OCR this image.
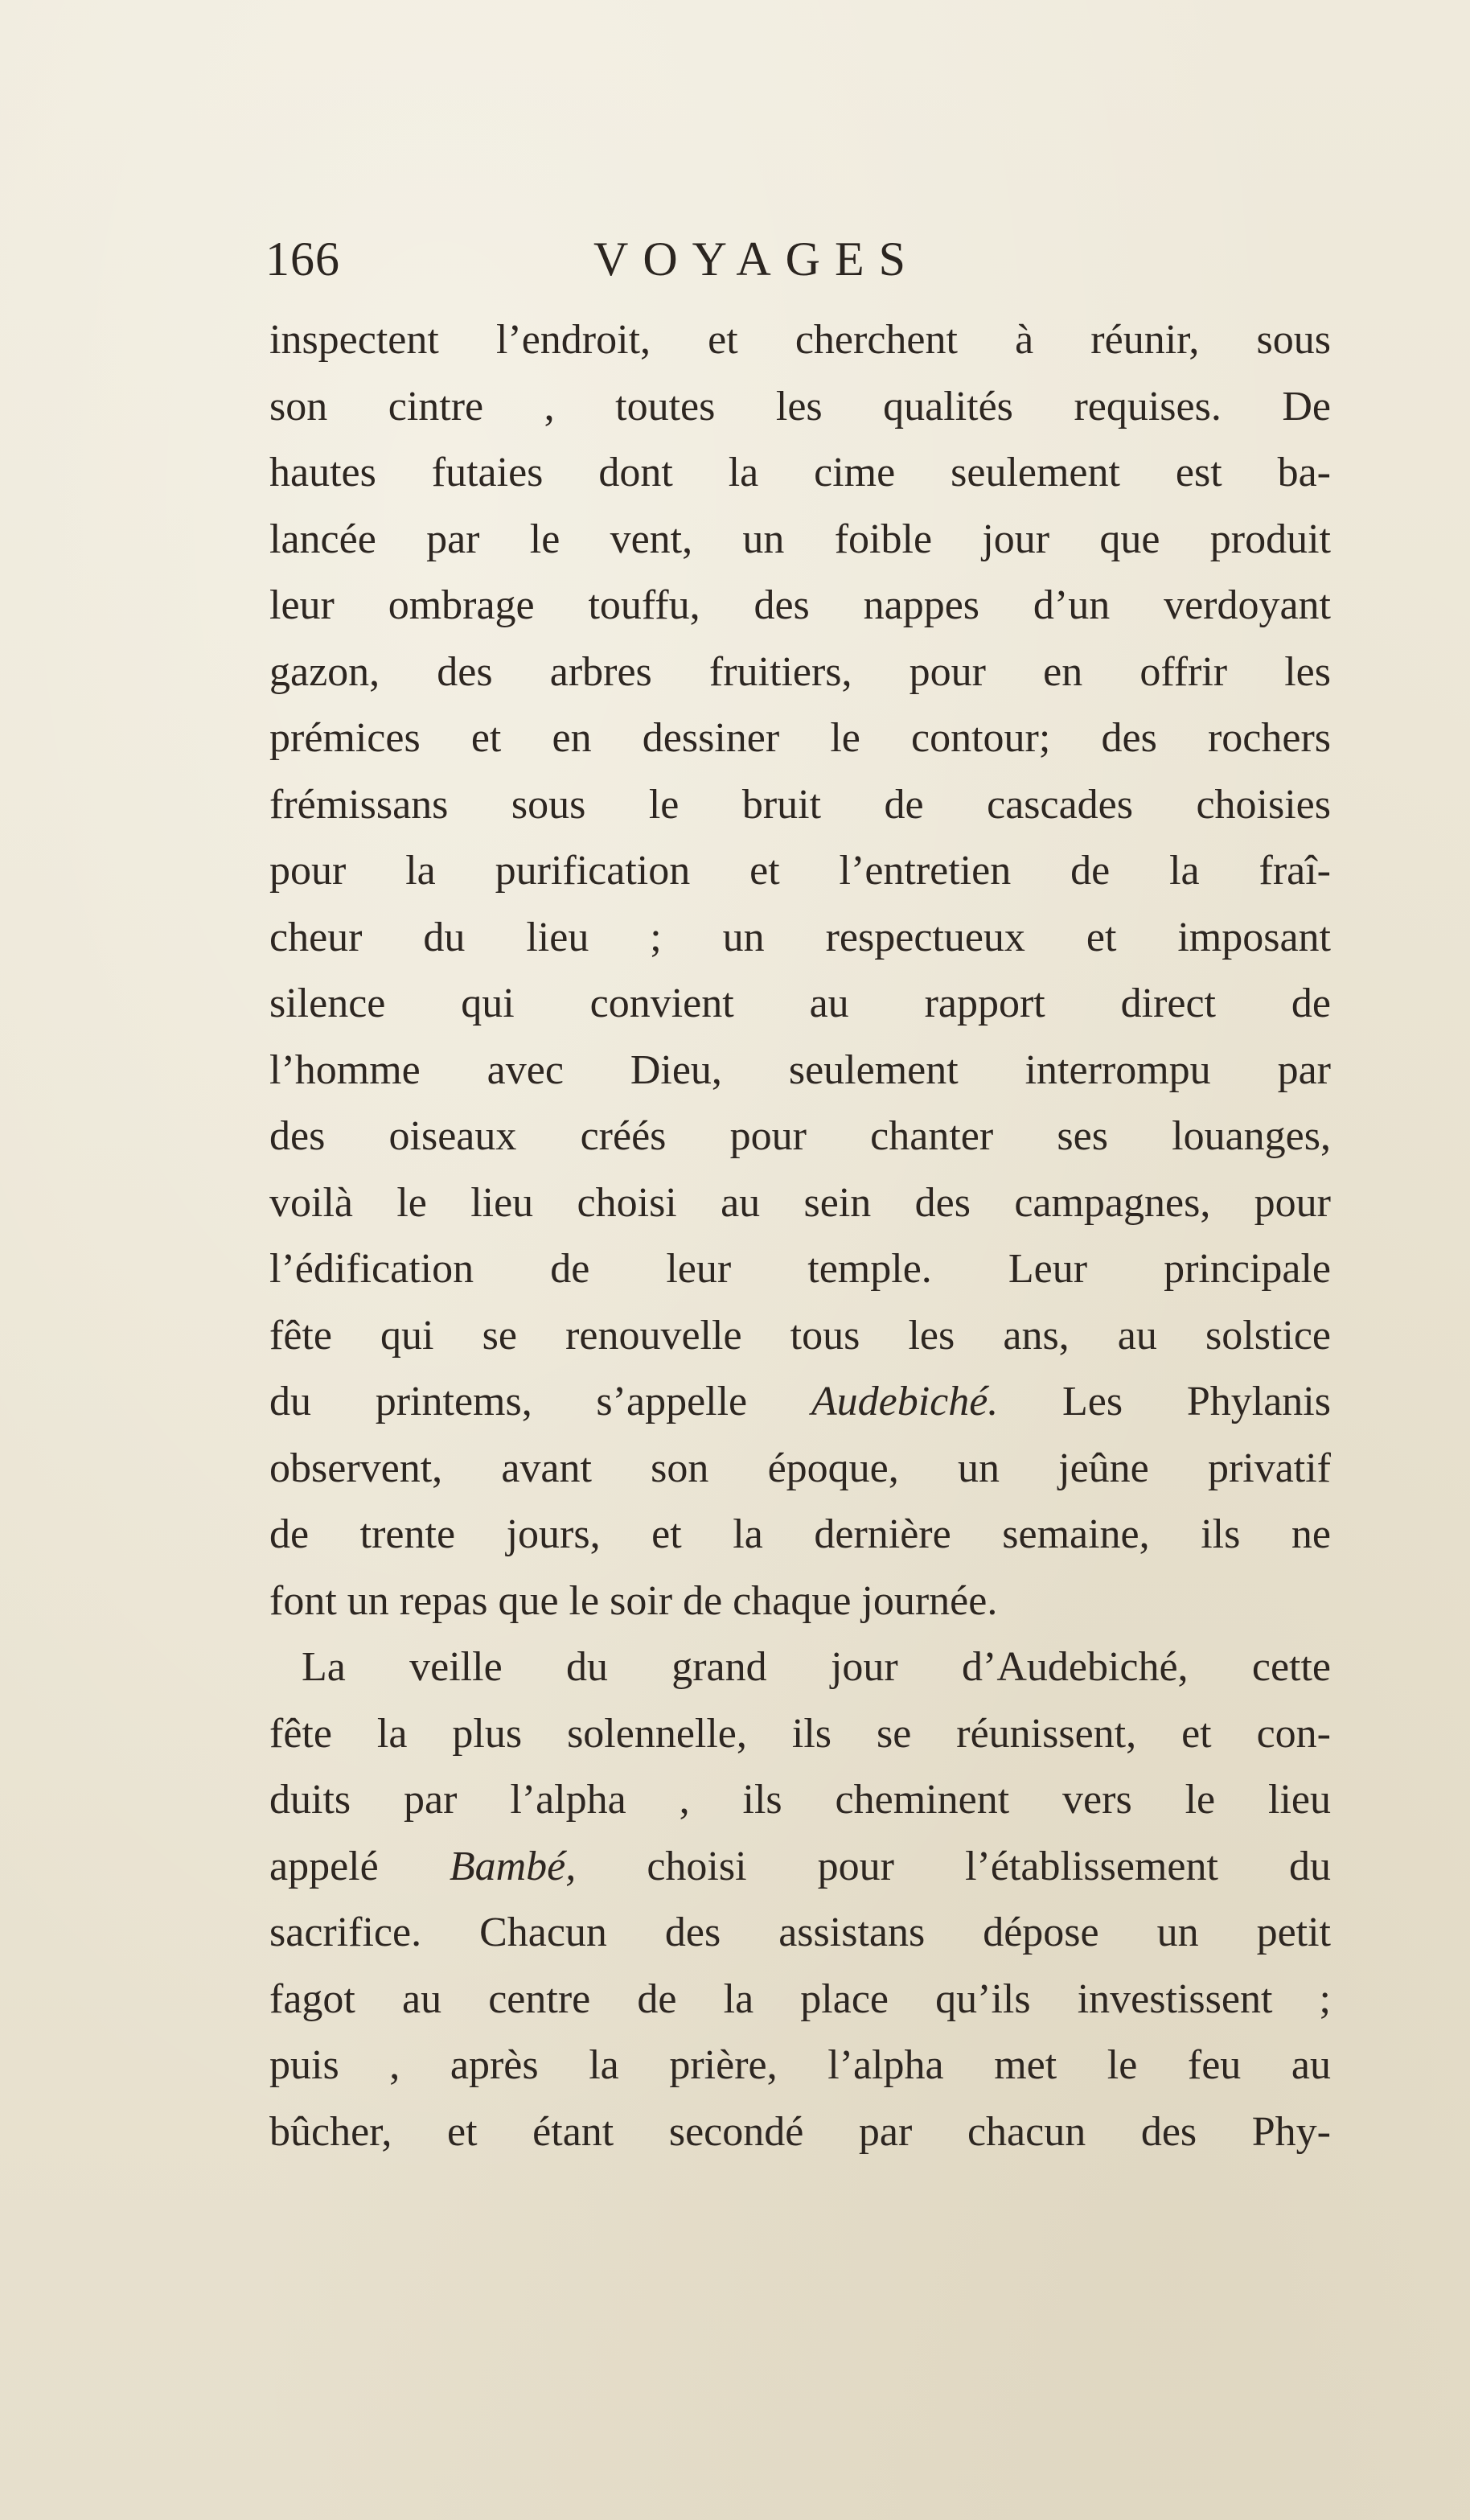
166	VOYAGES
inspectent l’endroit, et cherchent à réunir, sous
son cintre , toutes les qualités requises. De
hautes futaies dont la cime seulement est ba-
lancée par le vent, un foible jour que produit
leur ombrage touffu, des nappes d’un verdoyant
gazon, des arbres fruitiers, pour en offrir les
prémices et en dessiner le contour; des rochers
frémissans sous le bruit de cascades choisies
pour la purification et l’entretien de la fraî-
cheur du lieu ; un respectueux et imposant
silence qui convient au rapport direct de
l’homme avec Dieu, seulement interrompu par
des oiseaux créés pour chanter ses louanges,
voilà le lieu choisi au sein des campagnes, pour
l’édification de leur temple. Leur principale
fête qui se renouvelle tous les ans, au solstice
du printems, s’appelle Audebiché. Les Phylanis
observent, avant son époque, un jeûne privatif
de trente jours, et la dernière semaine, ils ne
font un repas que le soir de chaque journée.
La veille du grand jour d’Audebiché, cette
fête la plus solennelle, ils se réunissent, et con-
duits par l’alpha , ils cheminent vers le lieu
appelé Bambé, choisi pour l’établissement du
sacrifice. Chacun des assistans dépose un petit
fagot au centre de la place qu’ils investissent ;
puis , après la prière, l’alpha met le feu au
bûcher, et étant secondé par chacun des Phy-
